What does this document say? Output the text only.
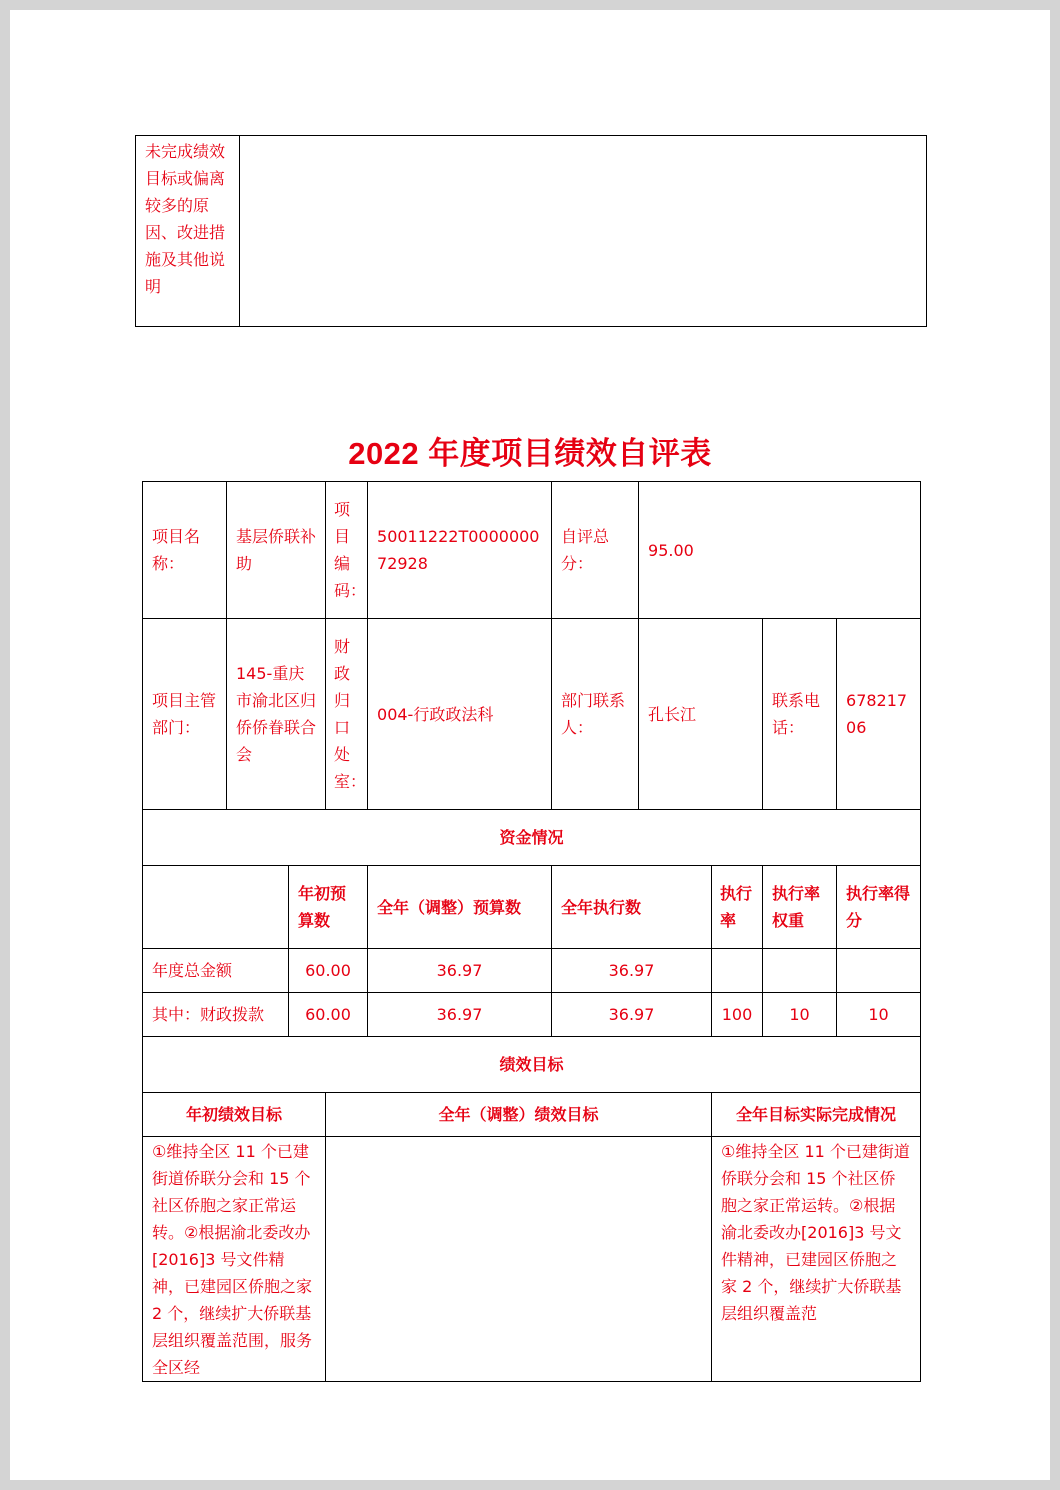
未完成绩效目标或偏离较多的原因、改进措施及其他说明	
2022 年度项目绩效自评表
项目名称：	基层侨联补助		项目编码：	50011222T000000072928	自评总分：	95.00			
项目主管部门：	145-重庆市渝北区归侨侨眷联合会		财政归口处室：	004-行政政法科	部门联系人：	孔长江		联系电话：	67821706
资金情况									
		年初预算数		全年（调整）预算数	全年执行数		执行率	执行率权重	执行率得分
年度总金额		60.00		36.97	36.97				
其中：财政拨款		60.00		36.97	36.97		100	10	10
绩效目标									
年初绩效目标			全年（调整）绩效目标				全年目标实际完成情况		
①维持全区 11 个已建街道侨联分会和 15 个社区侨胞之家正常运转。②根据渝北委改办[2016]3 号文件精神，已建园区侨胞之家 2 个，继续扩大侨联基层组织覆盖范围，服务全区经							①维持全区 11 个已建街道侨联分会和 15 个社区侨胞之家正常运转。②根据渝北委改办[2016]3 号文件精神，已建园区侨胞之家 2 个，继续扩大侨联基层组织覆盖范		
